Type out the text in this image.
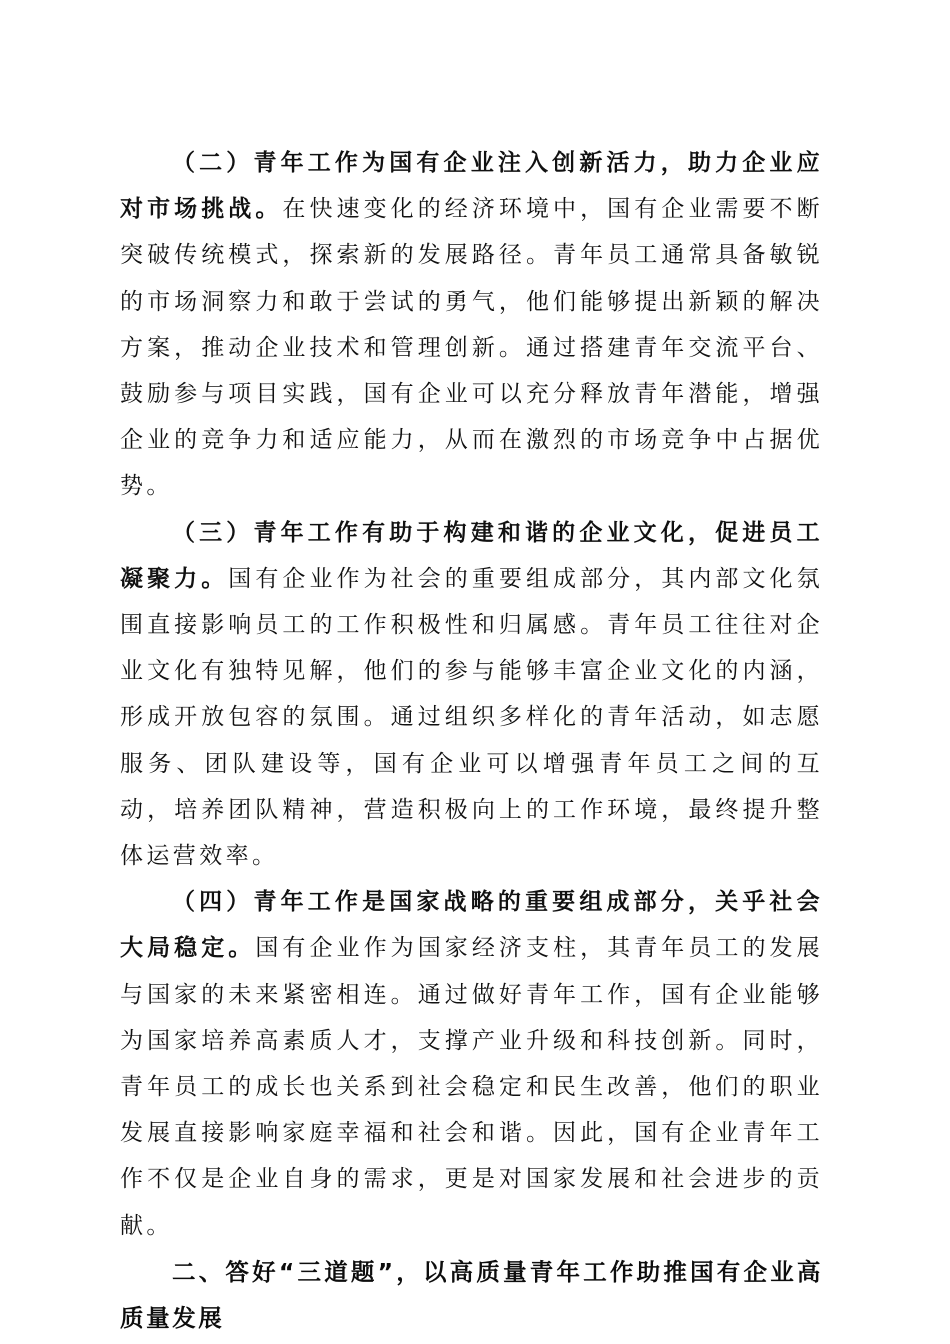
（二）青年工作为国有企业注入创新活力，助力企业应对市场挑战。在快速变化的经济环境中，国有企业需要不断突破传统模式，探索新的发展路径。青年员工通常具备敏锐的市场洞察力和敢于尝试的勇气，他们能够提出新颖的解决方案，推动企业技术和管理创新。通过搭建青年交流平台、鼓励参与项目实践，国有企业可以充分释放青年潜能，增强企业的竞争力和适应能力，从而在激烈的市场竞争中占据优势。

（三）青年工作有助于构建和谐的企业文化，促进员工凝聚力。国有企业作为社会的重要组成部分，其内部文化氛围直接影响员工的工作积极性和归属感。青年员工往往对企业文化有独特见解，他们的参与能够丰富企业文化的内涵，形成开放包容的氛围。通过组织多样化的青年活动，如志愿服务、团队建设等，国有企业可以增强青年员工之间的互动，培养团队精神，营造积极向上的工作环境，最终提升整体运营效率。

（四）青年工作是国家战略的重要组成部分，关乎社会大局稳定。国有企业作为国家经济支柱，其青年员工的发展与国家的未来紧密相连。通过做好青年工作，国有企业能够为国家培养高素质人才，支撑产业升级和科技创新。同时，青年员工的成长也关系到社会稳定和民生改善，他们的职业发展直接影响家庭幸福和社会和谐。因此，国有企业青年工作不仅是企业自身的需求，更是对国家发展和社会进步的贡献。

二、答好“三道题”，以高质量青年工作助推国有企业高质量发展
